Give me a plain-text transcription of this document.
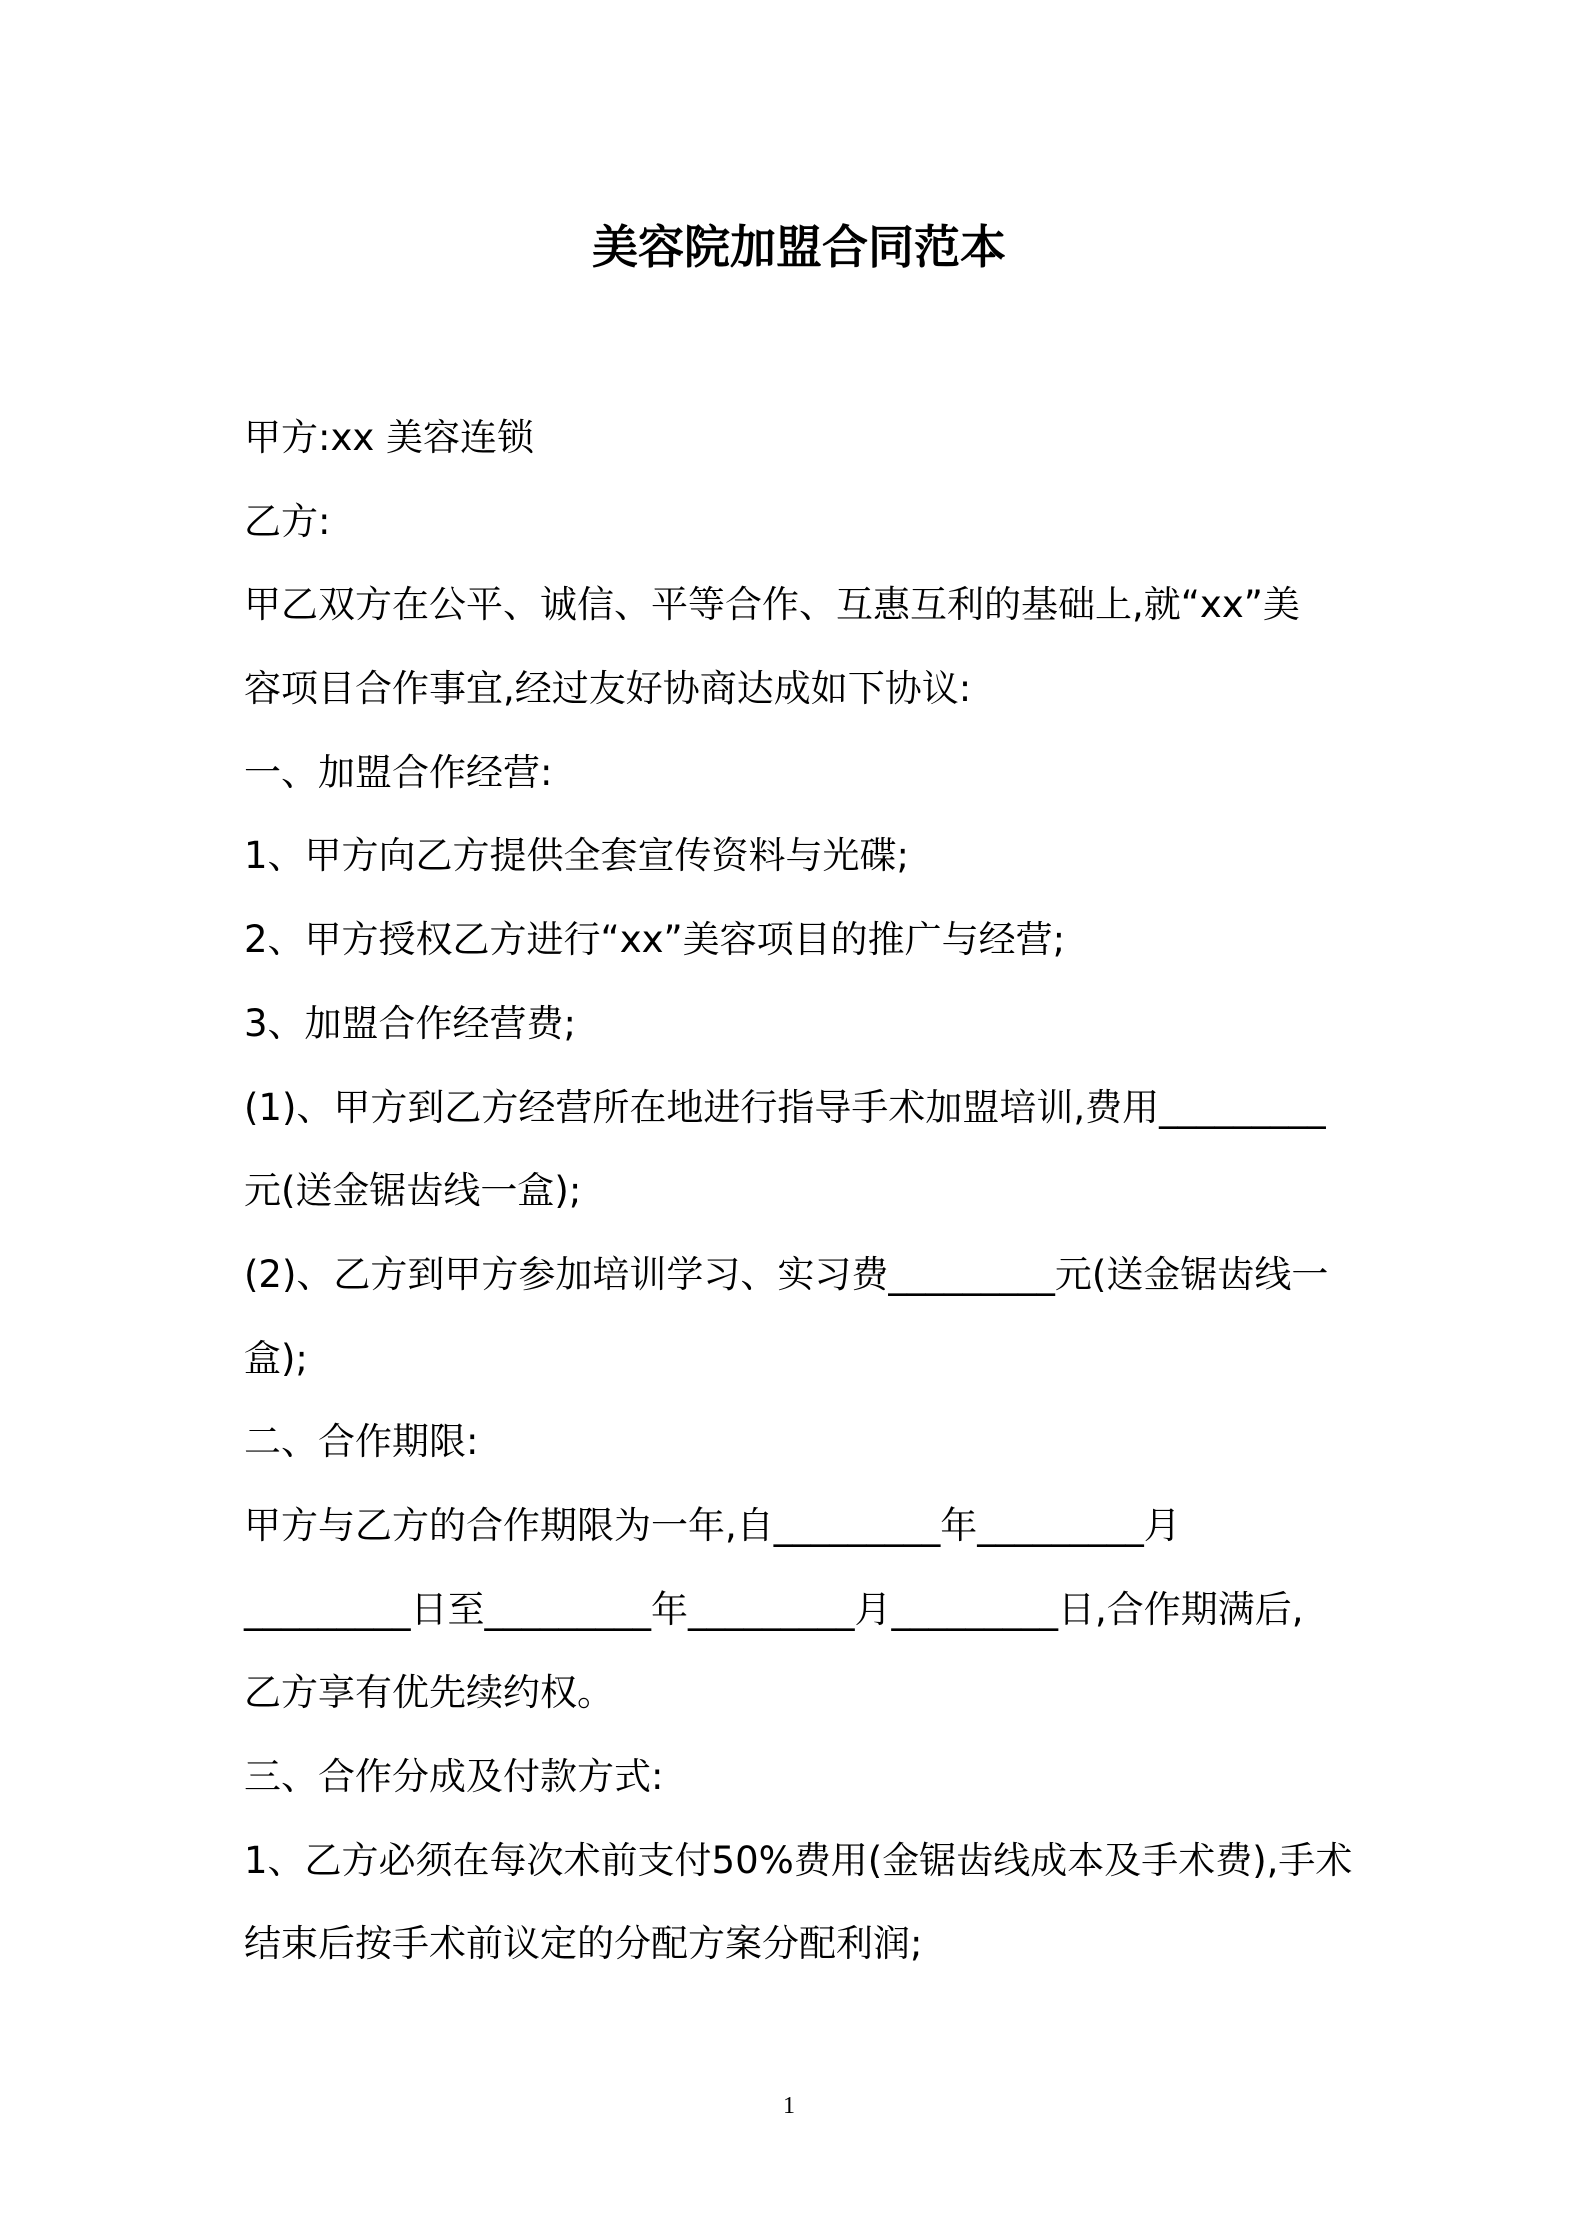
美容院加盟合同范本
甲方:xx 美容连锁
乙方:
甲乙双方在公平、诚信、平等合作、互惠互利的基础上,就“xx”美
容项目合作事宜,经过友好协商达成如下协议:
一、加盟合作经营:
1、甲方向乙方提供全套宣传资料与光碟;
2、甲方授权乙方进行“xx”美容项目的推广与经营;
3、加盟合作经营费;
(1)、甲方到乙方经营所在地进行指导手术加盟培训,费用_________
元(送金锯齿线一盒);
(2)、乙方到甲方参加培训学习、实习费_________元(送金锯齿线一
盒);
二、合作期限:
甲方与乙方的合作期限为一年,自_________年_________月
_________日至_________年_________月_________日,合作期满后,
乙方享有优先续约权。
三、合作分成及付款方式:
1、乙方必须在每次术前支付50%费用(金锯齿线成本及手术费),手术
结束后按手术前议定的分配方案分配利润;
1
